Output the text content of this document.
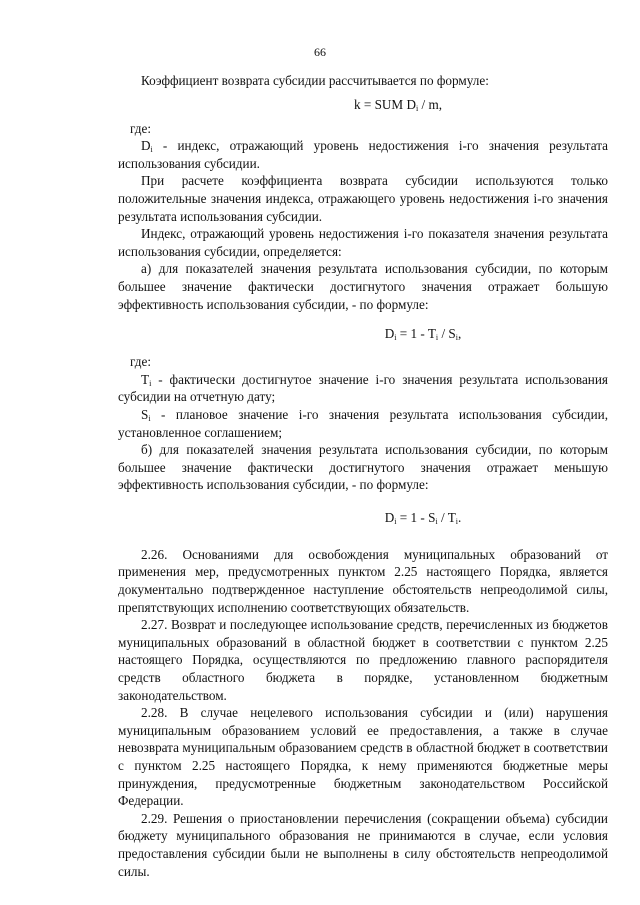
66

Коэффициент возврата субсидии рассчитывается по формуле:

k = SUM $D_i$ / m,

где:

$D_i$ - индекс, отражающий уровень недостижения i-го значения результата использования субсидии.

При расчете коэффициента возврата субсидии используются только положительные значения индекса, отражающего уровень недостижения i-го значения результата использования субсидии.

Индекс, отражающий уровень недостижения i-го показателя значения результата использования субсидии, определяется:

а) для показателей значения результата использования субсидии, по которым большее значение фактически достигнутого значения отражает большую эффективность использования субсидии, - по формуле:

$D_i = 1 - T_i / S_i$,

где:

$T_i$ - фактически достигнутое значение i-го значения результата использования субсидии на отчетную дату;

$S_i$ - плановое значение i-го значения результата использования субсидии, установленное соглашением;

б) для показателей значения результата использования субсидии, по которым большее значение фактически достигнутого значения отражает меньшую эффективность использования субсидии, - по формуле:

$D_i = 1 - S_i / T_i$.

2.26. Основаниями для освобождения муниципальных образований от применения мер, предусмотренных пунктом 2.25 настоящего Порядка, является документально подтвержденное наступление обстоятельств непреодолимой силы, препятствующих исполнению соответствующих обязательств.

2.27. Возврат и последующее использование средств, перечисленных из бюджетов муниципальных образований в областной бюджет в соответствии с пунктом 2.25 настоящего Порядка, осуществляются по предложению главного распорядителя средств областного бюджета в порядке, установленном бюджетным законодательством.

2.28. В случае нецелевого использования субсидии и (или) нарушения муниципальным образованием условий ее предоставления, а также в случае невозврата муниципальным образованием средств в областной бюджет в соответствии с пунктом 2.25 настоящего Порядка, к нему применяются бюджетные меры принуждения, предусмотренные бюджетным законодательством Российской Федерации.

2.29. Решения о приостановлении перечисления (сокращении объема) субсидии бюджету муниципального образования не принимаются в случае, если условия предоставления субсидии были не выполнены в силу обстоятельств непреодолимой силы.
